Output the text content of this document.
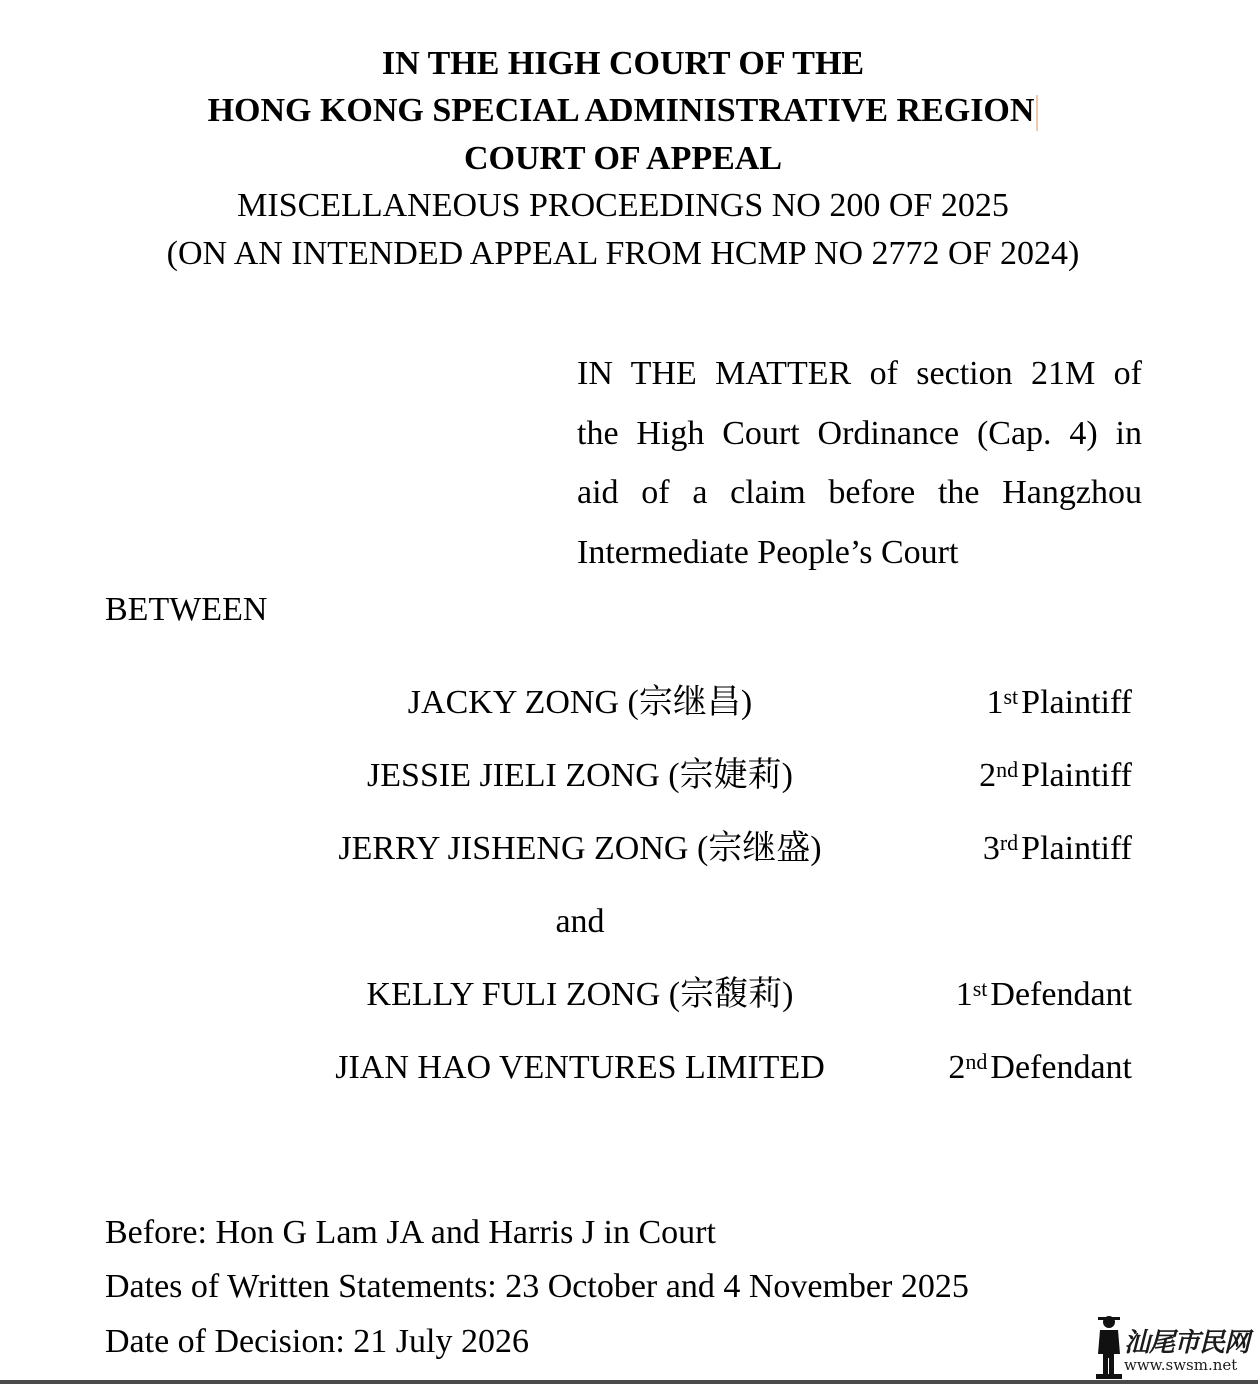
IN THE HIGH COURT OF THE
HONG KONG SPECIAL ADMINISTRATIVE REGION
COURT OF APPEAL
MISCELLANEOUS PROCEEDINGS NO 200 OF 2025
(ON AN INTENDED APPEAL FROM HCMP NO 2772 OF 2024)
IN THE MATTER of section 21M of
the High Court Ordinance (Cap. 4) in
aid of a claim before the Hangzhou
Intermediate People’s Court
BETWEEN
JACKY ZONG (宗继昌)	1stPlaintiff
JESSIE JIELI ZONG (宗婕莉)	2ndPlaintiff
JERRY JISHENG ZONG (宗继盛)	3rdPlaintiff
and
KELLY FULI ZONG (宗馥莉)	1stDefendant
JIAN HAO VENTURES LIMITED	2ndDefendant
Before: Hon G Lam JA and Harris J in Court
Dates of Written Statements: 23 October and 4 November 2025
Date of Decision: 21 July 2026	汕尾市民网
www.swsm.net
